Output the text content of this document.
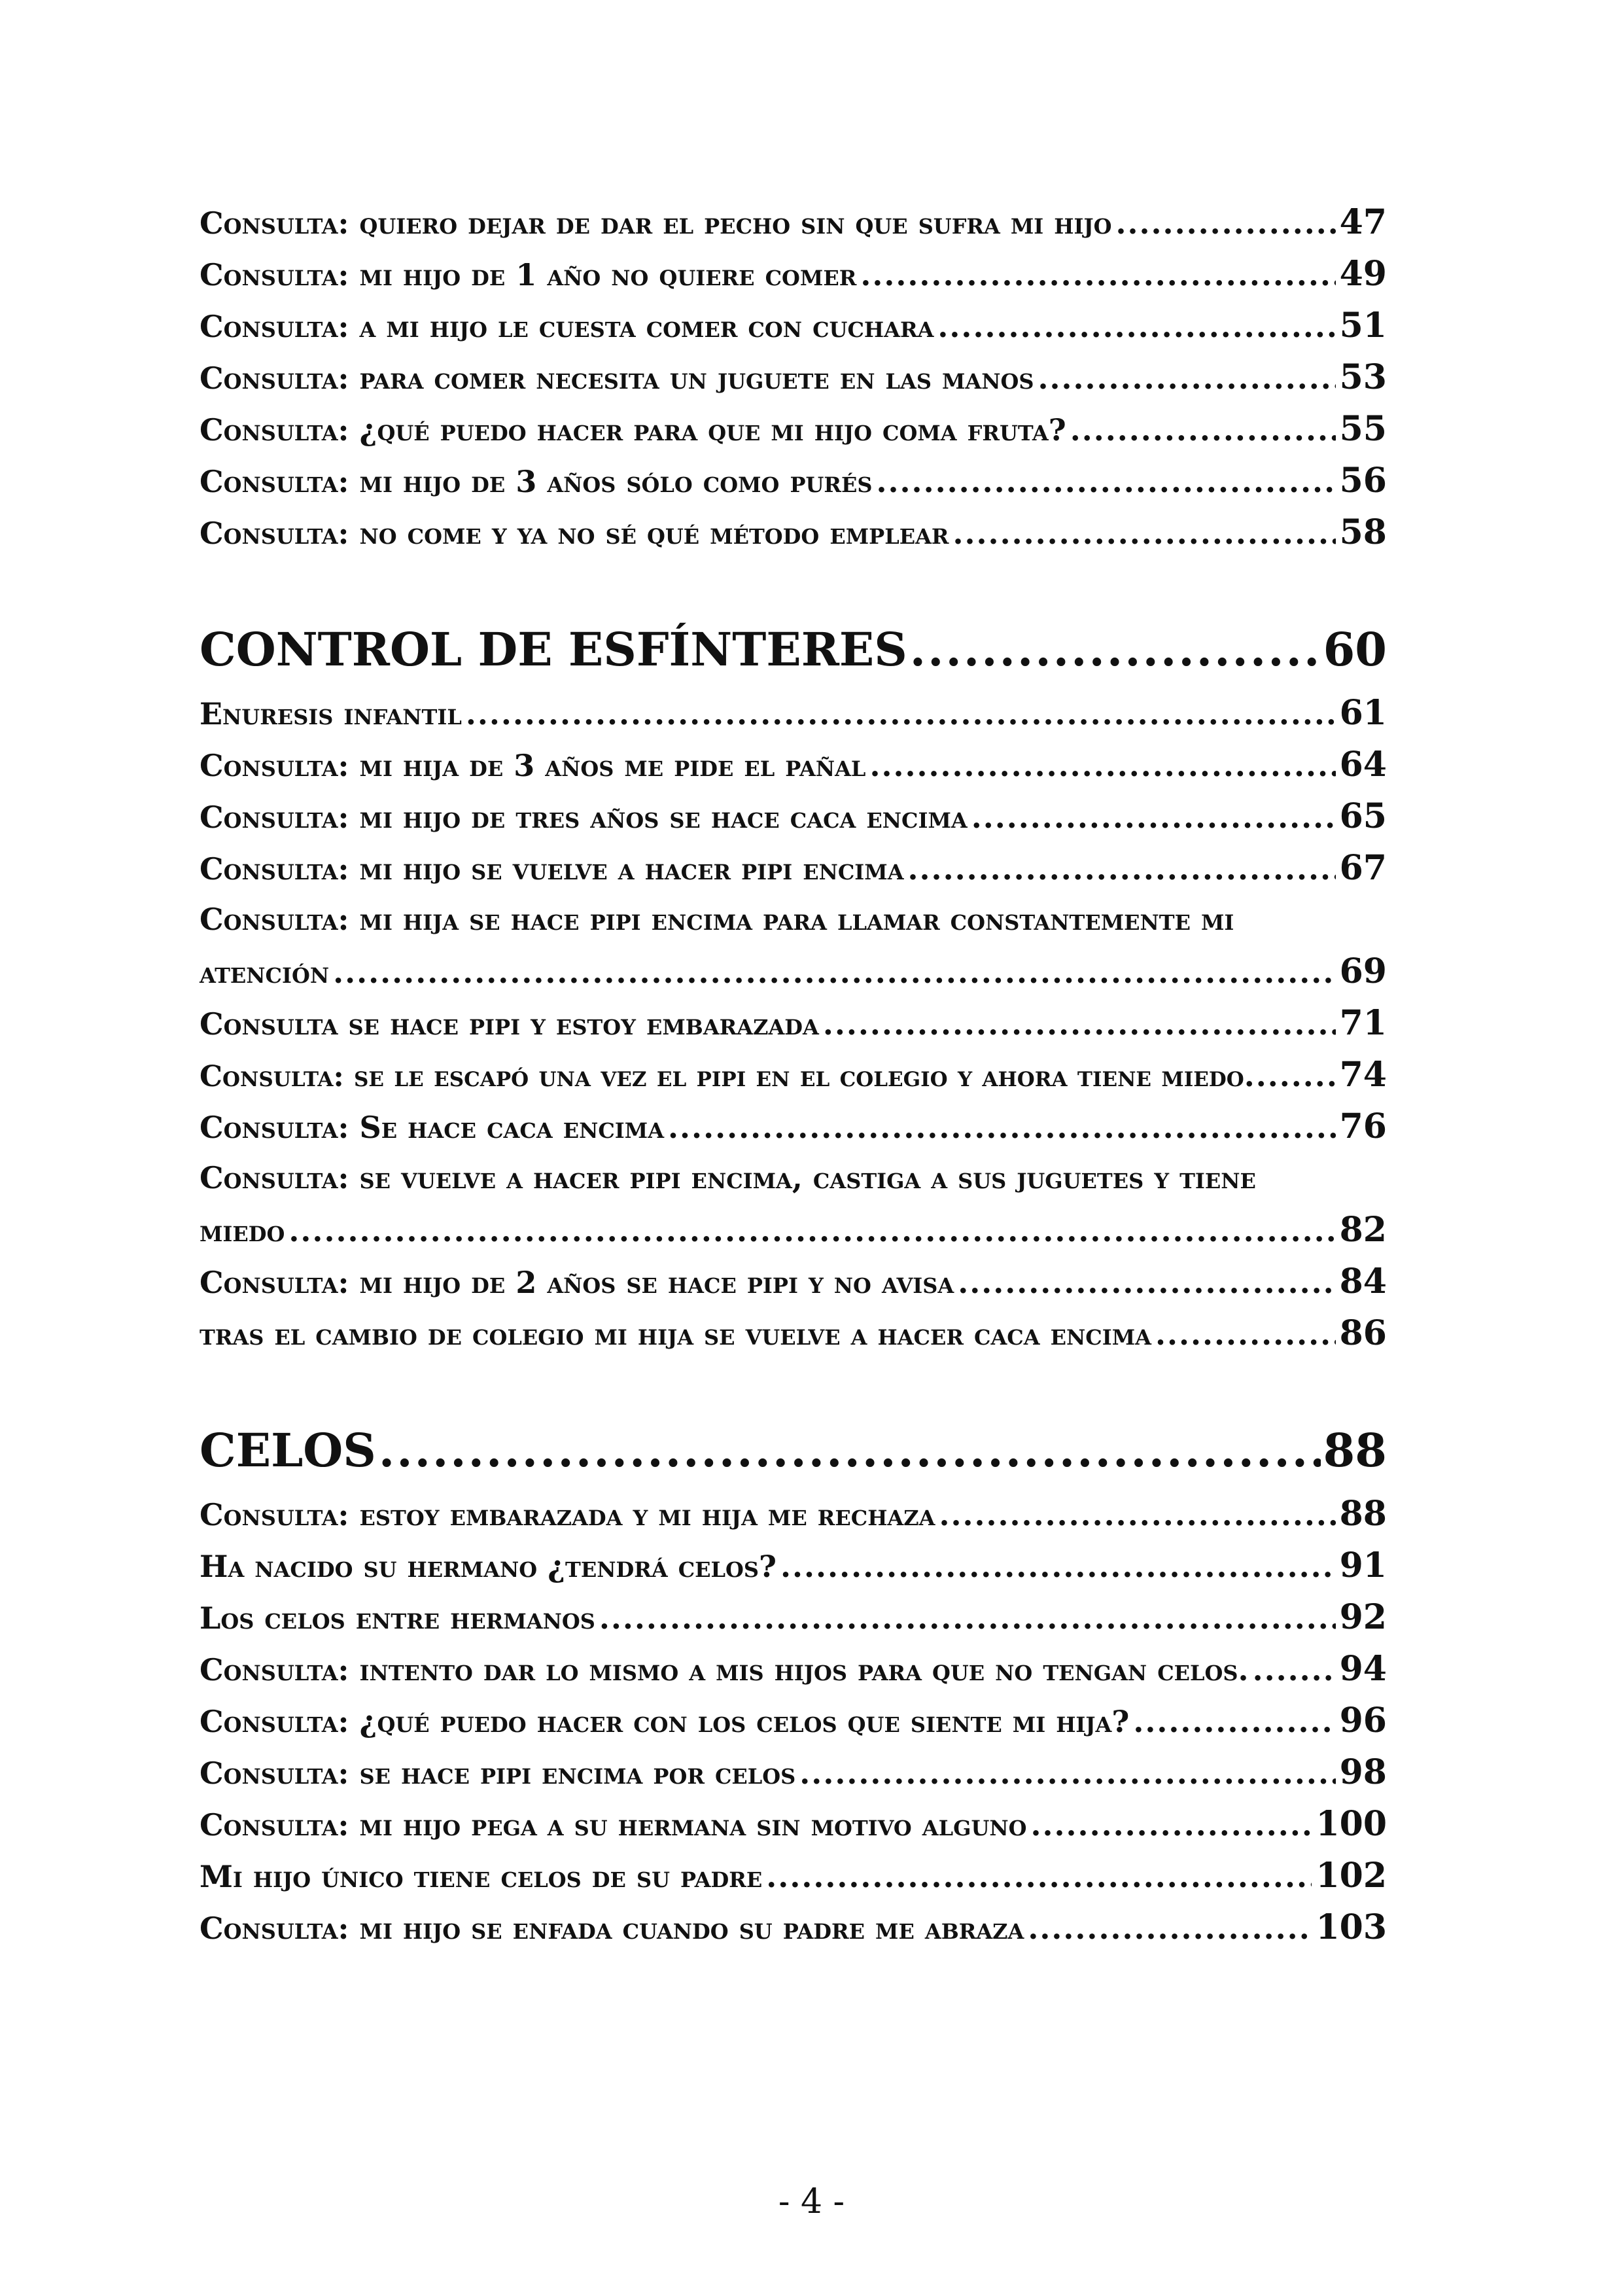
Consulta: quiero dejar de dar el pecho sin que sufra mi hijo .....	47
Consulta: mi hijo de 1 año no quiere comer .....	49
Consulta: a mi hijo le cuesta comer con cuchara .....	51
Consulta: para comer necesita un juguete en las manos .....	53
Consulta: ¿qué puedo hacer para que mi hijo coma fruta? .....	55
Consulta: mi hijo de 3 años sólo como purés .....	56
Consulta: no come y ya no sé qué método emplear .....	58
CONTROL DE ESFÍNTERES .....	60
Enuresis infantil .....	61
Consulta: mi hija de 3 años me pide el pañal .....	64
Consulta: mi hijo de tres años se hace caca encima .....	65
Consulta: mi hijo se vuelve a hacer pipi encima .....	67
Consulta: mi hija se hace pipi encima para llamar constantemente mi
atención .....	69
Consulta se hace pipi y estoy embarazada .....	71
Consulta: se le escapó una vez el pipi en el colegio y ahora tiene miedo .....	74
Consulta: Se hace caca encima .....	76
Consulta: se vuelve a hacer pipi encima, castiga a sus juguetes y tiene
miedo .....	82
Consulta: mi hijo de 2 años se hace pipi y no avisa .....	84
tras el cambio de colegio mi hija se vuelve a hacer caca encima .....	86
CELOS .....	88
Consulta: estoy embarazada y mi hija me rechaza .....	88
Ha nacido su hermano ¿tendrá celos? .....	91
Los celos entre hermanos .....	92
Consulta: intento dar lo mismo a mis hijos para que no tengan celos. .....	94
Consulta: ¿qué puedo hacer con los celos que siente mi hija? .....	96
Consulta: se hace pipi encima por celos .....	98
Consulta: mi hijo pega a su hermana sin motivo alguno .....	100
Mi hijo único tiene celos de su padre .....	102
Consulta: mi hijo se enfada cuando su padre me abraza .....	103
- 4 -
